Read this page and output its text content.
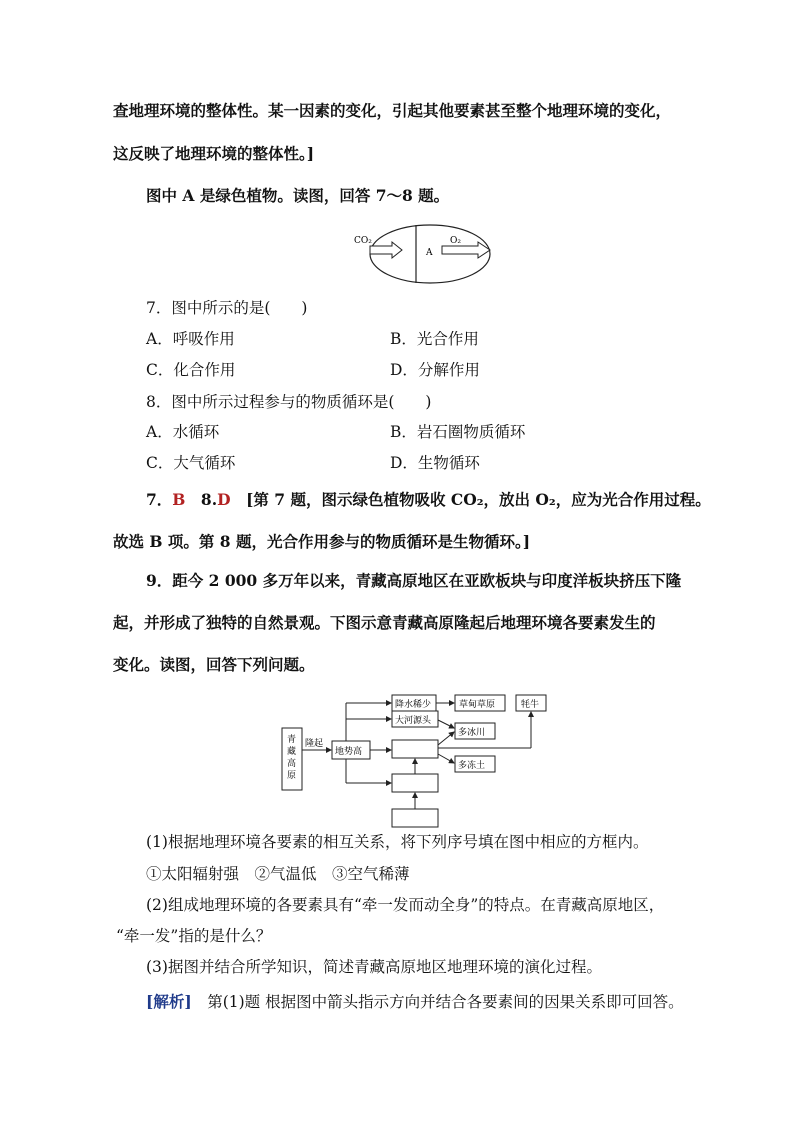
查地理环境的整体性。某一因素的变化，引起其他要素甚至整个地理环境的变化，
这反映了地理环境的整体性。]
图中 A 是绿色植物。读图，回答 7～8 题。
CO₂
A
O₂
7．图中所示的是(　　)
A．呼吸作用	B．光合作用
C．化合作用	D．分解作用
8．图中所示过程参与的物质循环是(　　)
A．水循环	B．岩石圈物质循环
C．大气循环	D．生物循环
7．B　 8.D　 [第 7 题，图示绿色植物吸收 CO₂，放出 O₂，应为光合作用过程。
故选 B 项。第 8 题，光合作用参与的物质循环是生物循环。]
9．距今 2 000 多万年以来，青藏高原地区在亚欧板块与印度洋板块挤压下隆
起，并形成了独特的自然景观。下图示意青藏高原隆起后地理环境各要素发生的
变化。读图，回答下列问题。
青
藏
高
原
隆起
地势高
降水稀少	草甸草原	牦牛
大河源头
多冰川
多冻土
(1)根据地理环境各要素的相互关系，将下列序号填在图中相应的方框内。
①太阳辐射强　②气温低　③空气稀薄
(2)组成地理环境的各要素具有“牵一发而动全身”的特点。在青藏高原地区，
“牵一发”指的是什么？
(3)据图并结合所学知识，简述青藏高原地区地理环境的演化过程。
[解析]　 第(1)题 根据图中箭头指示方向并结合各要素间的因果关系即可回答。
